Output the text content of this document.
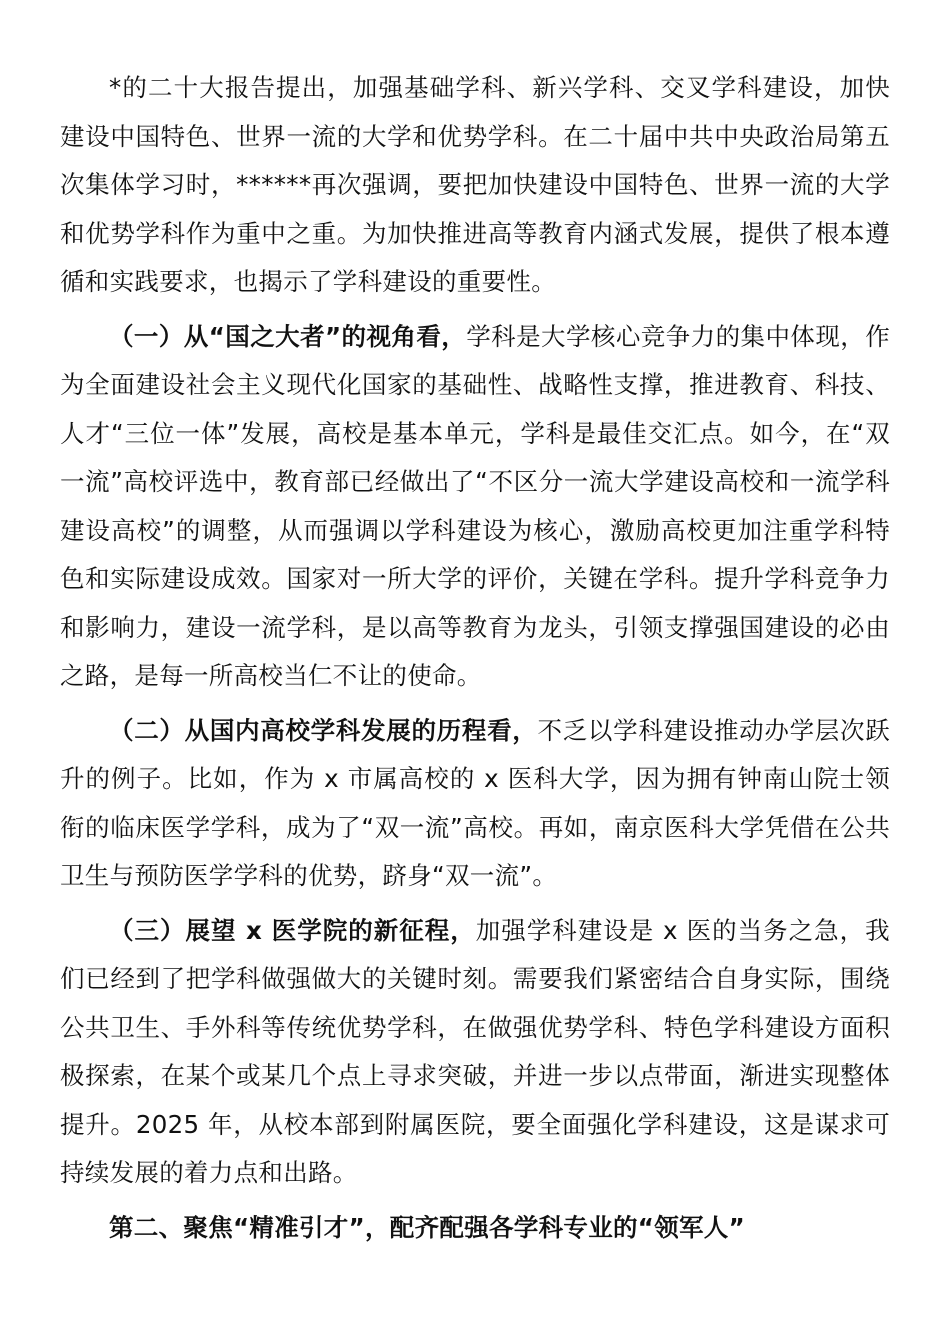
*的二十大报告提出，加强基础学科、新兴学科、交叉学科建设，加快建设中国特色、世界一流的大学和优势学科。在二十届中共中央政治局第五次集体学习时，******再次强调，要把加快建设中国特色、世界一流的大学和优势学科作为重中之重。为加快推进高等教育内涵式发展，提供了根本遵循和实践要求，也揭示了学科建设的重要性。

（一）从“国之大者”的视角看，学科是大学核心竞争力的集中体现，作为全面建设社会主义现代化国家的基础性、战略性支撑，推进教育、科技、人才“三位一体”发展，高校是基本单元，学科是最佳交汇点。如今，在“双一流”高校评选中，教育部已经做出了“不区分一流大学建设高校和一流学科建设高校”的调整，从而强调以学科建设为核心，激励高校更加注重学科特色和实际建设成效。国家对一所大学的评价，关键在学科。提升学科竞争力和影响力，建设一流学科，是以高等教育为龙头，引领支撑强国建设的必由之路，是每一所高校当仁不让的使命。

（二）从国内高校学科发展的历程看，不乏以学科建设推动办学层次跃升的例子。比如，作为 x 市属高校的 x 医科大学，因为拥有钟南山院士领衔的临床医学学科，成为了“双一流”高校。再如，南京医科大学凭借在公共卫生与预防医学学科的优势，跻身“双一流”。

（三）展望 x 医学院的新征程，加强学科建设是 x 医的当务之急，我们已经到了把学科做强做大的关键时刻。需要我们紧密结合自身实际，围绕公共卫生、手外科等传统优势学科，在做强优势学科、特色学科建设方面积极探索，在某个或某几个点上寻求突破，并进一步以点带面，渐进实现整体提升。2025 年，从校本部到附属医院，要全面强化学科建设，这是谋求可持续发展的着力点和出路。

第二、聚焦“精准引才”，配齐配强各学科专业的“领军人”
